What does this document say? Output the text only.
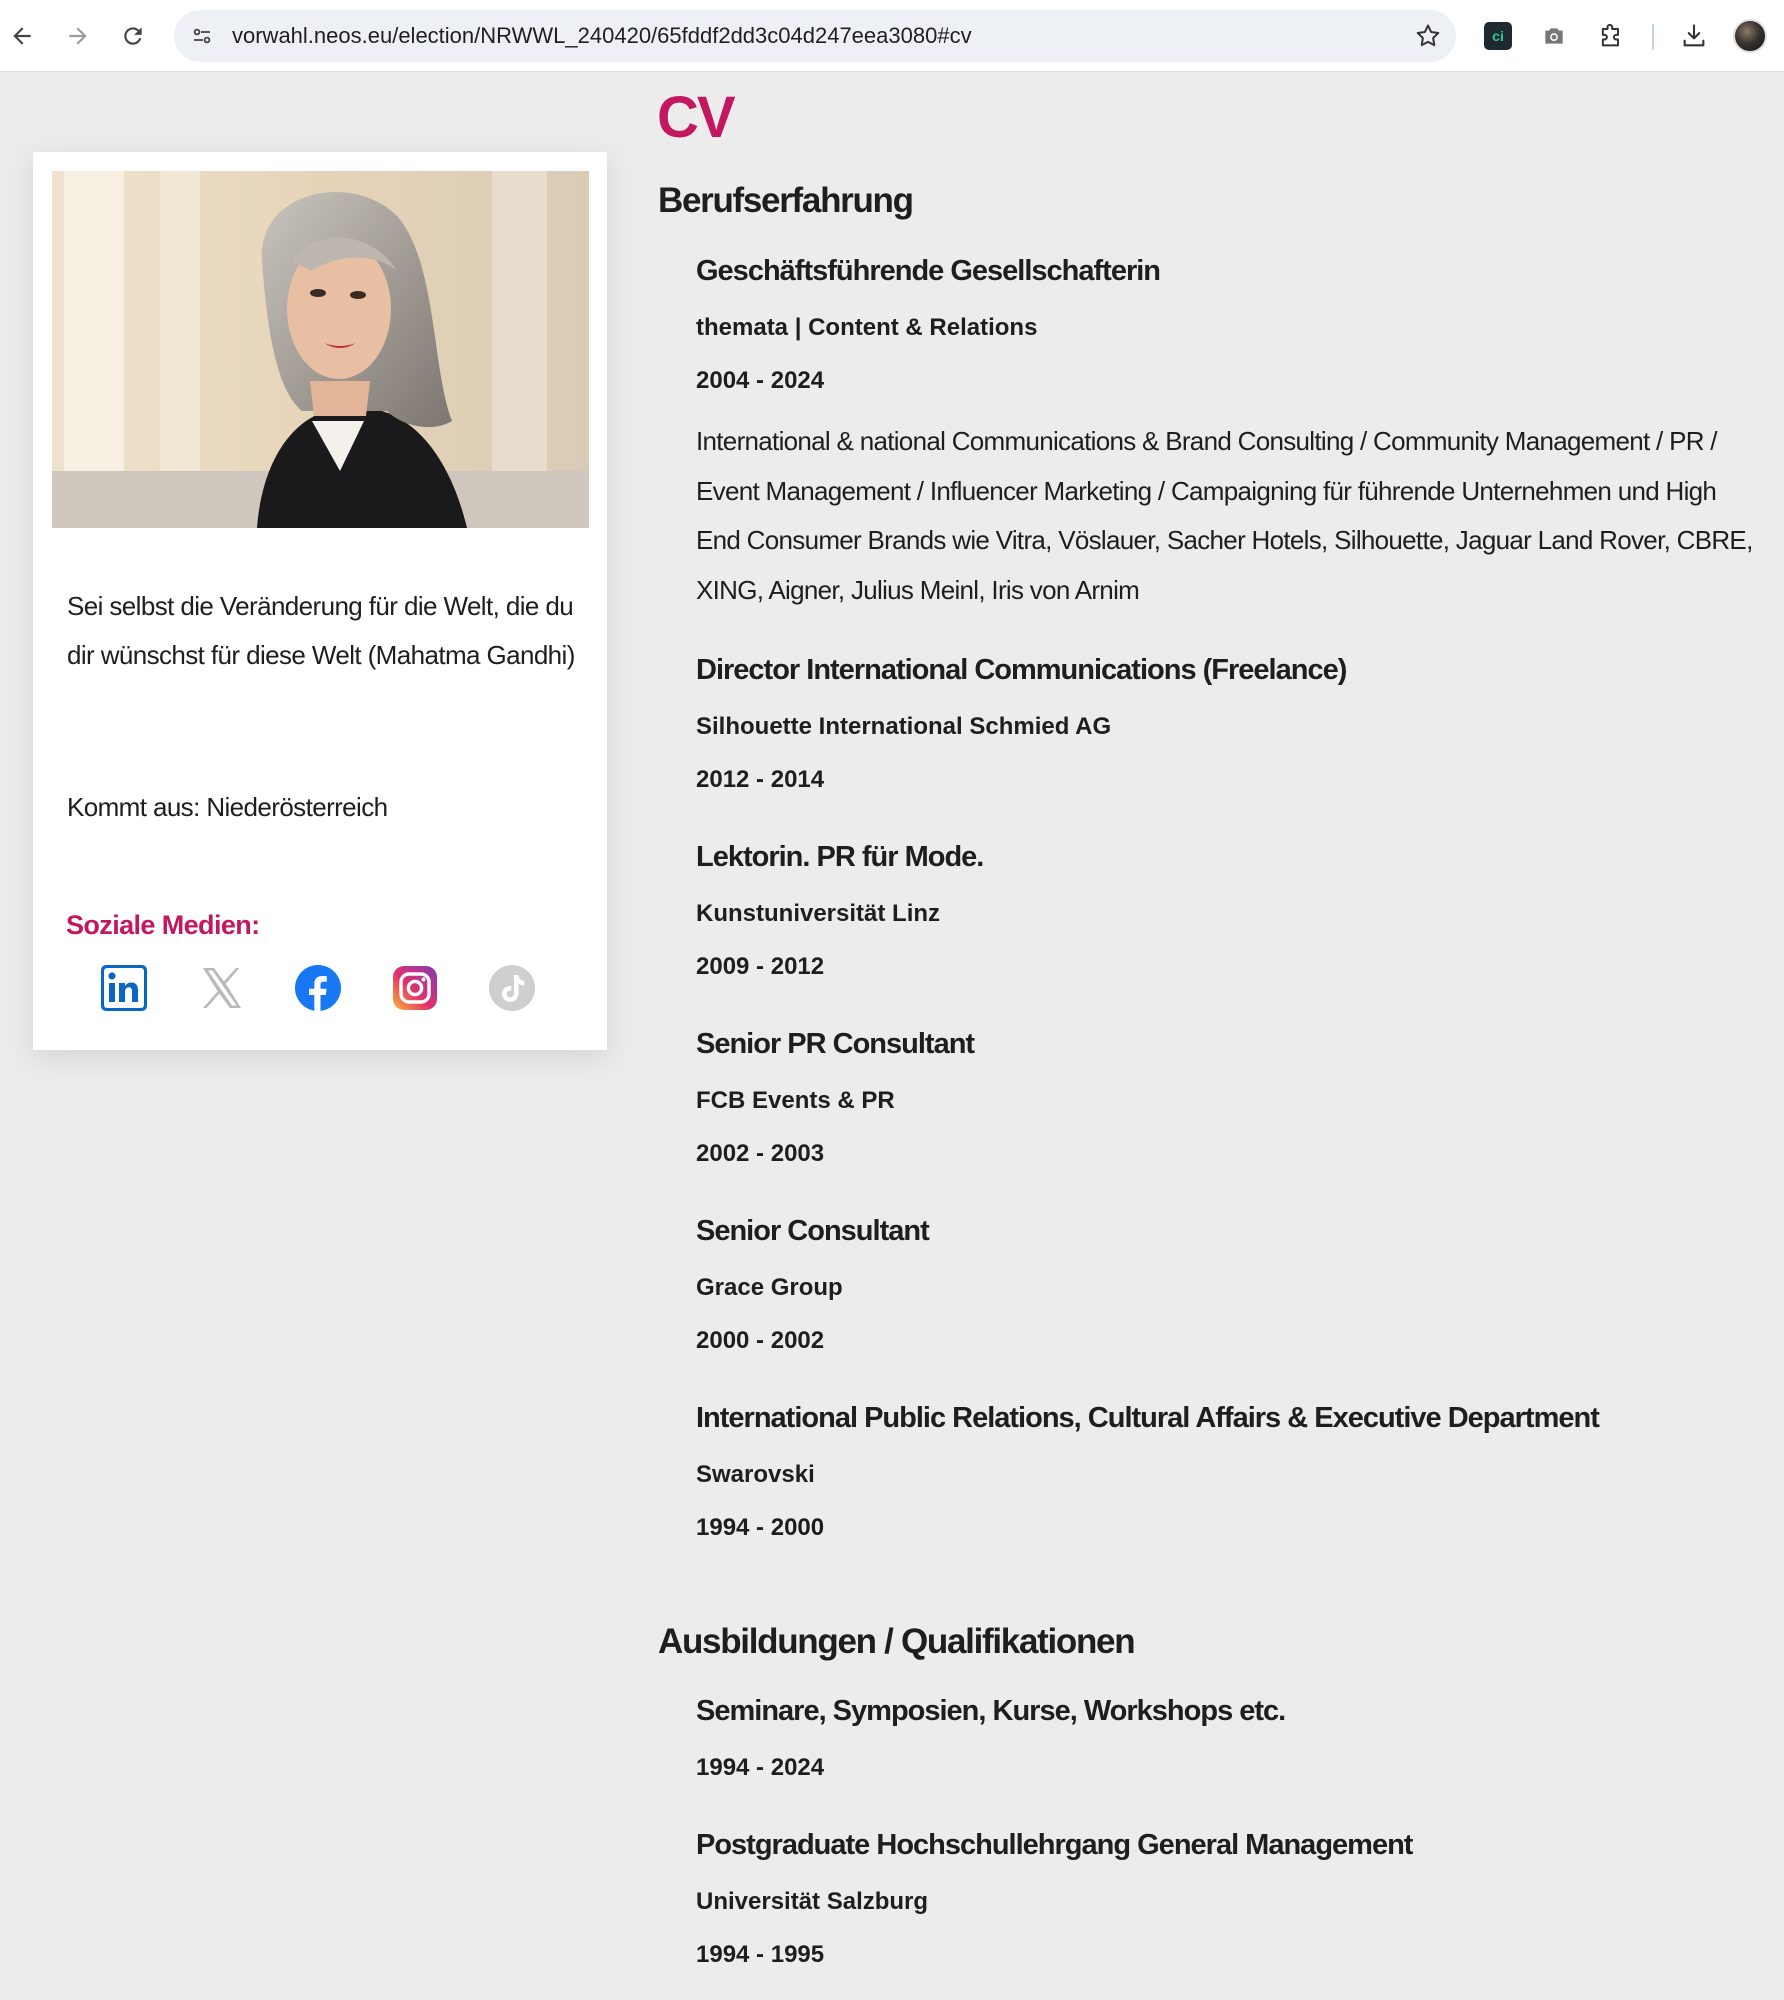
vorwahl.neos.eu/election/NRWWL_240420/65fddf2dd3c04d247eea3080#cv	ci
Sei selbst die Veränderung für die Welt, die du dir wünschst für diese Welt (Mahatma Gandhi)
Kommt aus: Niederösterreich
Soziale Medien:
CV
Berufserfahrung
Geschäftsführende Gesellschafterin
themata | Content & Relations
2004 - 2024
International & national Communications & Brand Consulting / Community Management / PR / Event Management / Influencer Marketing / Campaigning für führende Unternehmen und High End Consumer Brands wie Vitra, Vöslauer, Sacher Hotels, Silhouette, Jaguar Land Rover, CBRE, XING, Aigner, Julius Meinl, Iris von Arnim
Director International Communications (Freelance)
Silhouette International Schmied AG
2012 - 2014
Lektorin. PR für Mode.
Kunstuniversität Linz
2009 - 2012
Senior PR Consultant
FCB Events & PR
2002 - 2003
Senior Consultant
Grace Group
2000 - 2002
International Public Relations, Cultural Affairs & Executive Department
Swarovski
1994 - 2000
Ausbildungen / Qualifikationen
Seminare, Symposien, Kurse, Workshops etc.
1994 - 2024
Postgraduate Hochschullehrgang General Management
Universität Salzburg
1994 - 1995
